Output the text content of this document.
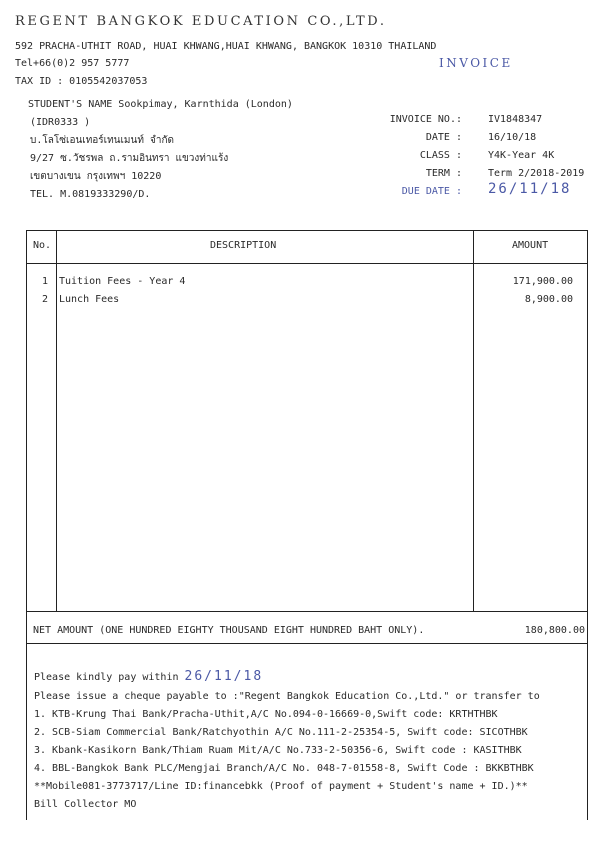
REGENT BANGKOK EDUCATION CO.,LTD.
592 PRACHA-UTHIT ROAD, HUAI KHWANG,HUAI KHWANG, BANGKOK 10310 THAILAND
Tel+66(0)2 957 5777
TAX ID : 0105542037053
INVOICE
STUDENT'S NAME Sookpimay, Karnthida (London)
(IDR0333 )
บ.โลโซ่เอนเทอร์เทนเมนท์ จำกัด
9/27 ซ.วัชรพล ถ.รามอินทรา แขวงท่าแร้ง
เขตบางเขน กรุงเทพฯ 10220
TEL. M.0819333290/D.
INVOICE NO.:	IV1848347
DATE :	16/10/18
CLASS :	Y4K-Year 4K
TERM :	Term 2/2018-2019
DUE DATE : 26/11/18
No.	DESCRIPTION	AMOUNT
1 Tuition Fees - Year 4	171,900.00
2 Lunch Fees	8,900.00
NET AMOUNT (ONE HUNDRED EIGHTY THOUSAND EIGHT HUNDRED BAHT ONLY).	180,800.00
Please kindly pay within 26/11/18
Please issue a cheque payable to :"Regent Bangkok Education Co.,Ltd." or transfer to
1. KTB-Krung Thai Bank/Pracha-Uthit,A/C No.094-0-16669-0,Swift code: KRTHTHBK
2. SCB-Siam Commercial Bank/Ratchyothin A/C No.111-2-25354-5, Swift code: SICOTHBK
3. Kbank-Kasikorn Bank/Thiam Ruam Mit/A/C No.733-2-50356-6, Swift code : KASITHBK
4. BBL-Bangkok Bank PLC/Mengjai Branch/A/C No. 048-7-01558-8, Swift Code : BKKBTHBK
**Mobile081-3773717/Line ID:financebkk (Proof of payment + Student's name + ID.)**
Bill Collector MO
